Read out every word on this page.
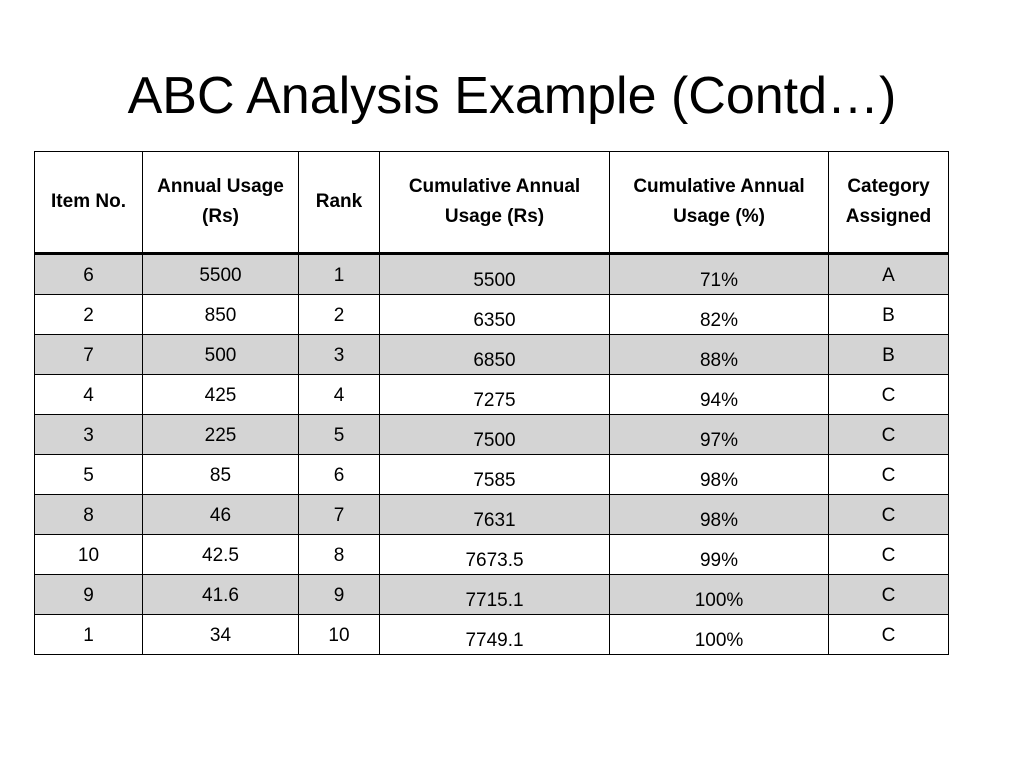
ABC Analysis Example (Contd…)
Item No.	Annual Usage (Rs)	Rank	Cumulative Annual Usage (Rs)	Cumulative Annual Usage (%)	Category Assigned
6	5500	1	5500	71%	A
2	850	2	6350	82%	B
7	500	3	6850	88%	B
4	425	4	7275	94%	C
3	225	5	7500	97%	C
5	85	6	7585	98%	C
8	46	7	7631	98%	C
10	42.5	8	7673.5	99%	C
9	41.6	9	7715.1	100%	C
1	34	10	7749.1	100%	C
